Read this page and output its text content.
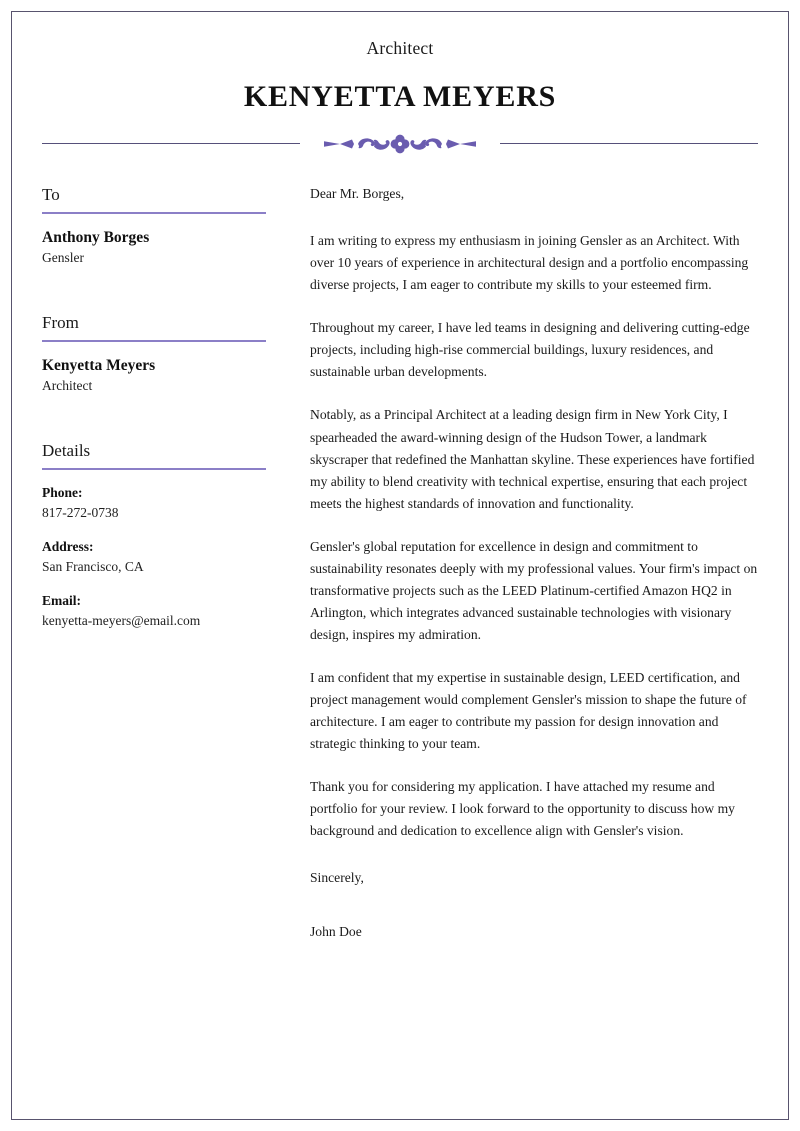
Architect
KENYETTA MEYERS
To
Anthony Borges
Gensler
From
Kenyetta Meyers
Architect
Details
Phone:
817-272-0738
Address:
San Francisco, CA
Email:
kenyetta-meyers@email.com
Dear Mr. Borges,
I am writing to express my enthusiasm in joining Gensler as an Architect. With over 10 years of experience in architectural design and a portfolio encompassing diverse projects, I am eager to contribute my skills to your esteemed firm.
Throughout my career, I have led teams in designing and delivering cutting-edge projects, including high-rise commercial buildings, luxury residences, and sustainable urban developments.
Notably, as a Principal Architect at a leading design firm in New York City, I spearheaded the award-winning design of the Hudson Tower, a landmark skyscraper that redefined the Manhattan skyline. These experiences have fortified my ability to blend creativity with technical expertise, ensuring that each project meets the highest standards of innovation and functionality.
Gensler's global reputation for excellence in design and commitment to sustainability resonates deeply with my professional values. Your firm's impact on transformative projects such as the LEED Platinum-certified Amazon HQ2 in Arlington, which integrates advanced sustainable technologies with visionary design, inspires my admiration.
I am confident that my expertise in sustainable design, LEED certification, and project management would complement Gensler's mission to shape the future of architecture. I am eager to contribute my passion for design innovation and strategic thinking to your team.
Thank you for considering my application. I have attached my resume and portfolio for your review. I look forward to the opportunity to discuss how my background and dedication to excellence align with Gensler's vision.
Sincerely,
John Doe
